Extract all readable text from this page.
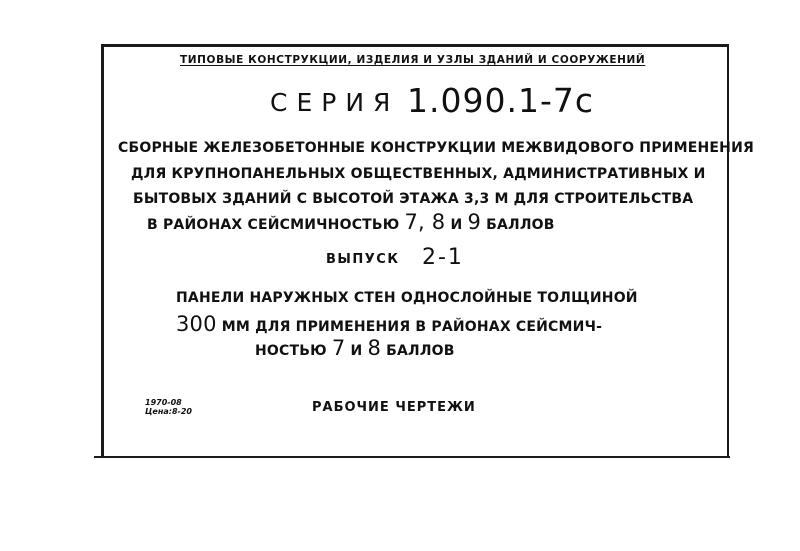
ТИПОВЫЕ КОНСТРУКЦИИ, ИЗДЕЛИЯ И УЗЛЫ ЗДАНИЙ И СООРУЖЕНИЙ
СЕРИЯ 1.090.1-7с
СБОРНЫЕ ЖЕЛЕЗОБЕТОННЫЕ КОНСТРУКЦИИ МЕЖВИДОВОГО ПРИМЕНЕНИЯ
ДЛЯ КРУПНОПАНЕЛЬНЫХ ОБЩЕСТВЕННЫХ, АДМИНИСТРАТИВНЫХ И
БЫТОВЫХ ЗДАНИЙ С ВЫСОТОЙ ЭТАЖА 3,3 М ДЛЯ СТРОИТЕЛЬСТВА
В РАЙОНАХ СЕЙСМИЧНОСТЬЮ 7, 8 И 9 БАЛЛОВ
ВЫПУСК 2-1
ПАНЕЛИ НАРУЖНЫХ СТЕН ОДНОСЛОЙНЫЕ ТОЛЩИНОЙ
300 ММ ДЛЯ ПРИМЕНЕНИЯ В РАЙОНАХ СЕЙСМИЧ-
НОСТЬЮ 7 И 8 БАЛЛОВ
1970-08
Цена:8-20	РАБОЧИЕ ЧЕРТЕЖИ
